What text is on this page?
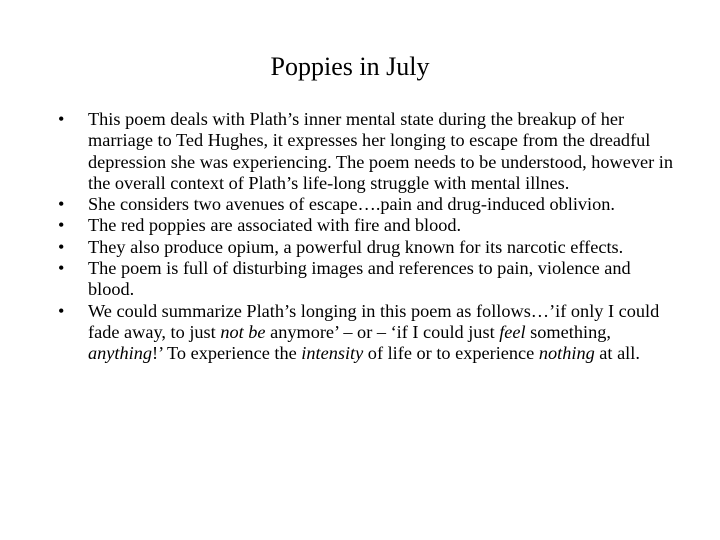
Poppies in July
•	This poem deals with Plath’s inner mental state during the breakup of her marriage to Ted Hughes, it expresses her longing to escape from the dreadful depression she was experiencing. The poem needs to be understood, however in the overall context of Plath’s life-long struggle with mental illnes.
•	She considers two avenues of escape….pain and drug-induced oblivion.
•	The red poppies are associated with fire and blood.
•	They also produce opium, a powerful drug known for its narcotic effects.
•	The poem is full of disturbing images and references to pain, violence and blood.
•	We could summarize Plath’s longing in this poem as follows…’if only I could fade away, to just not be anymore’ – or – ‘if I could just feel something, anything!’ To experience the intensity of life or to experience nothing at all.
